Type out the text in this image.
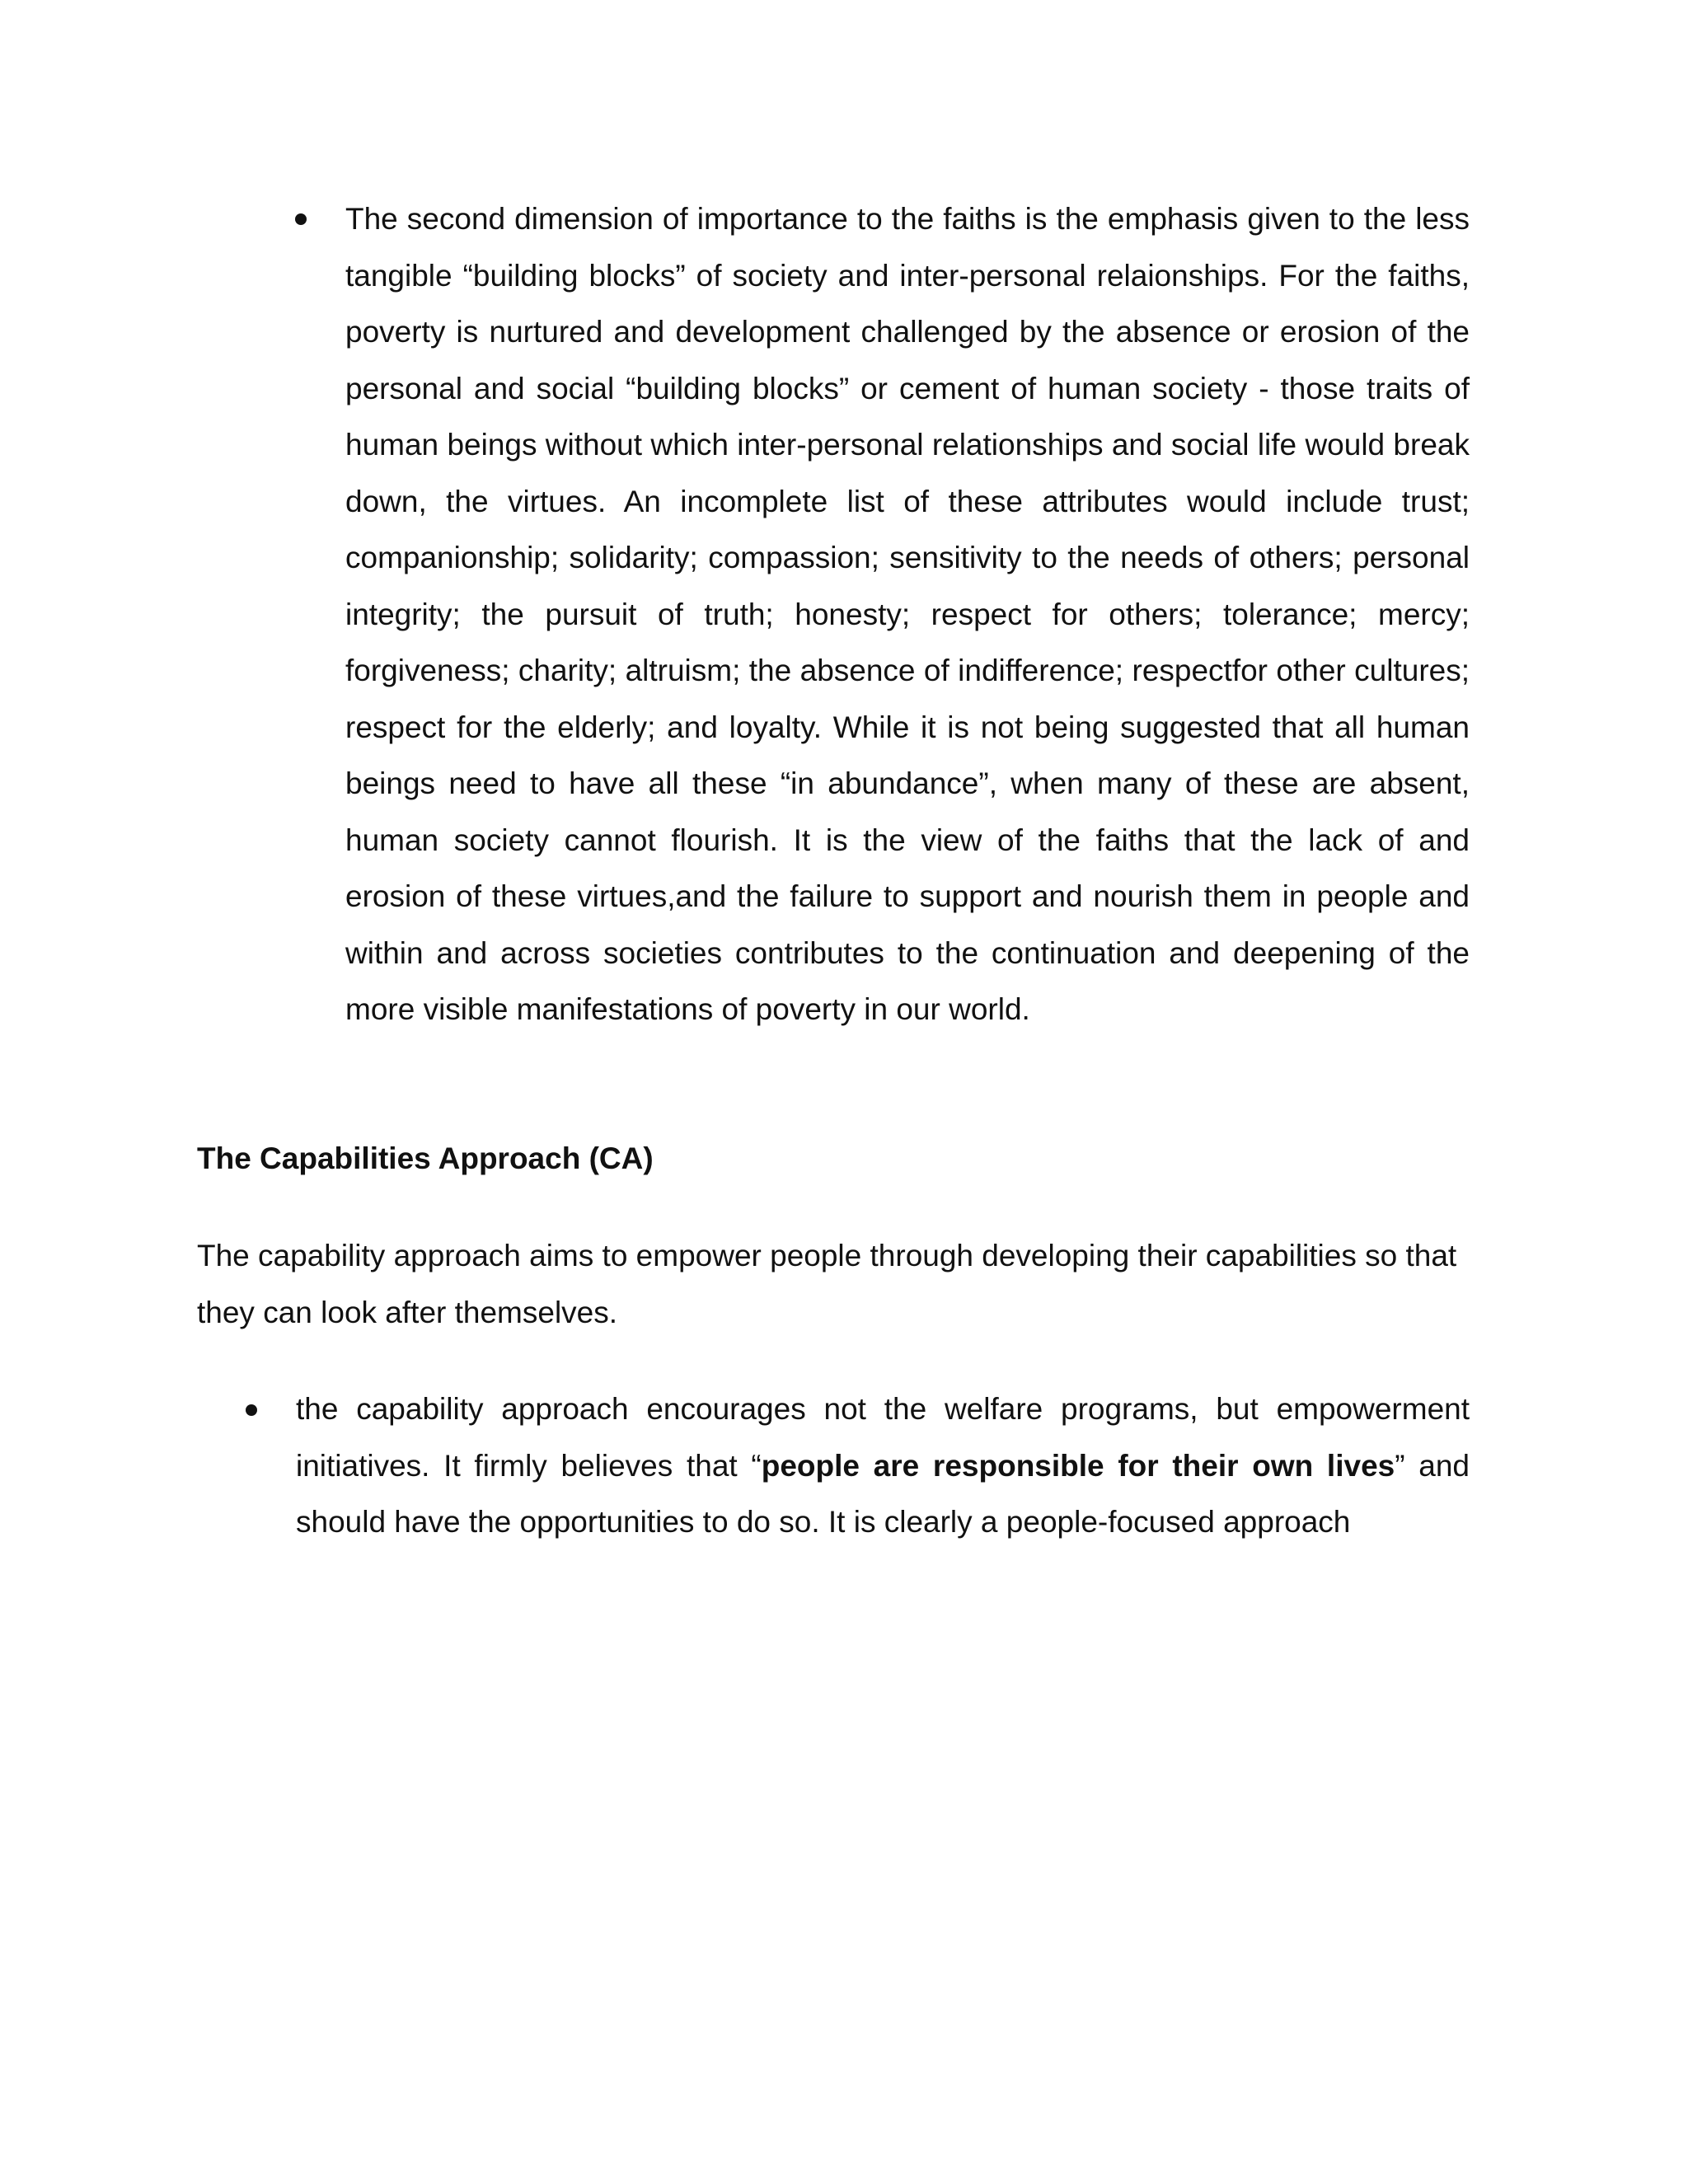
The second dimension of importance to the faiths is the emphasis given to the less tangible “building blocks” of society and inter-personal relaionships. For the faiths, poverty is nurtured and development challenged by the absence or erosion of the personal and social “building blocks” or cement of human society - those traits of human beings without which inter-personal relationships and social life would break down, the virtues. An incomplete list of these attributes would include trust; companionship; solidarity; compassion; sensitivity to the needs of others; personal integrity; the pursuit of truth; honesty; respect for others; tolerance; mercy; forgiveness; charity; altruism; the absence of indifference; respectfor other cultures; respect for the elderly; and loyalty. While it is not being suggested that all human beings need to have all these “in abundance”, when many of these are absent, human society cannot flourish. It is the view of the faiths that the lack of and erosion of these virtues,and the failure to support and nourish them in people and within and across societies contributes to the continuation and deepening of the more visible manifestations of poverty in our world.

The Capabilities Approach (CA)

The capability approach aims to empower people through developing their capabilities so that they can look after themselves.

the capability approach encourages not the welfare programs, but empowerment initiatives. It firmly believes that “people are responsible for their own lives” and should have the opportunities to do so. It is clearly a people-focused approach
